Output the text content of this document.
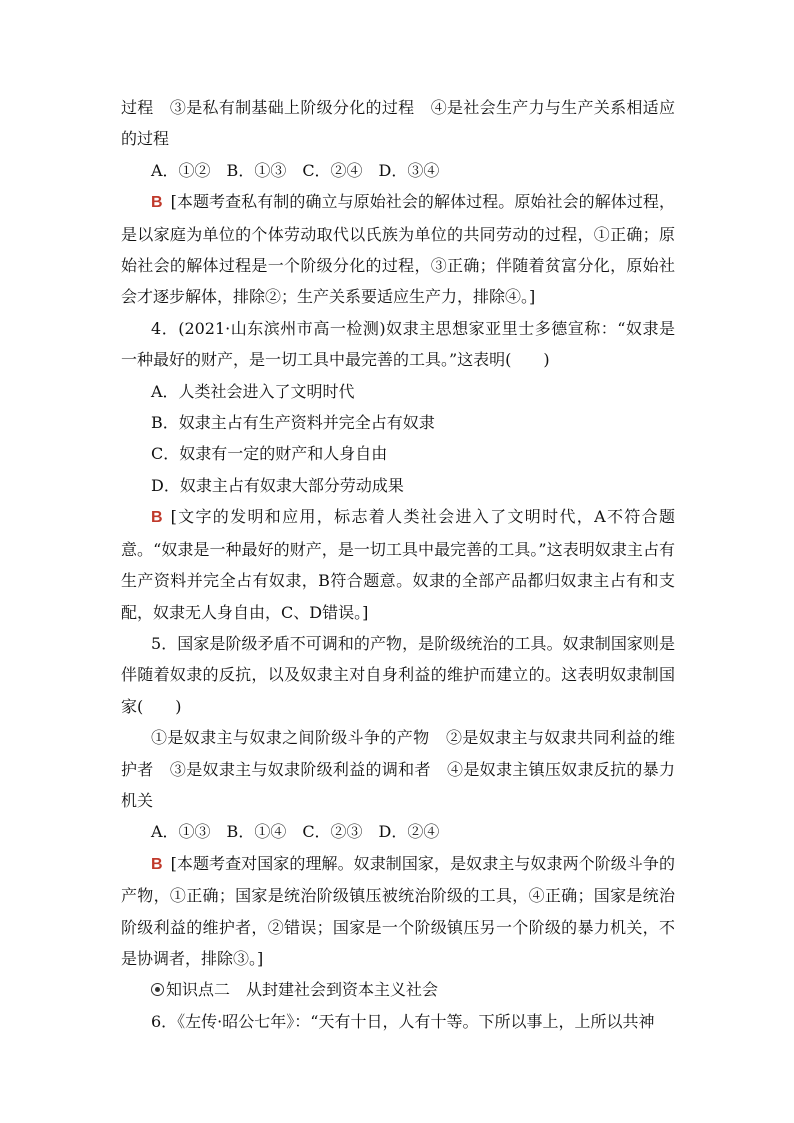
过程　③是私有制基础上阶级分化的过程　④是社会生产力与生产关系相适应的过程

A．①②　B．①③　C．②④　D．③④

B [本题考查私有制的确立与原始社会的解体过程。原始社会的解体过程，是以家庭为单位的个体劳动取代以氏族为单位的共同劳动的过程，①正确；原始社会的解体过程是一个阶级分化的过程，③正确；伴随着贫富分化，原始社会才逐步解体，排除②；生产关系要适应生产力，排除④。]

4．(2021·山东滨州市高一检测)奴隶主思想家亚里士多德宣称：“奴隶是一种最好的财产，是一切工具中最完善的工具。”这表明(　　)

A．人类社会进入了文明时代

B．奴隶主占有生产资料并完全占有奴隶

C．奴隶有一定的财产和人身自由

D．奴隶主占有奴隶大部分劳动成果

B [文字的发明和应用，标志着人类社会进入了文明时代，A不符合题意。“奴隶是一种最好的财产，是一切工具中最完善的工具。”这表明奴隶主占有生产资料并完全占有奴隶，B符合题意。奴隶的全部产品都归奴隶主占有和支配，奴隶无人身自由，C、D错误。]

5．国家是阶级矛盾不可调和的产物，是阶级统治的工具。奴隶制国家则是伴随着奴隶的反抗，以及奴隶主对自身利益的维护而建立的。这表明奴隶制国家(　　)

①是奴隶主与奴隶之间阶级斗争的产物　②是奴隶主与奴隶共同利益的维护者　③是奴隶主与奴隶阶级利益的调和者　④是奴隶主镇压奴隶反抗的暴力机关

A．①③　B．①④　C．②③　D．②④

B [本题考查对国家的理解。奴隶制国家，是奴隶主与奴隶两个阶级斗争的产物，①正确；国家是统治阶级镇压被统治阶级的工具，④正确；国家是统治阶级利益的维护者，②错误；国家是一个阶级镇压另一个阶级的暴力机关，不是协调者，排除③。]

知识点二　从封建社会到资本主义社会

6．《左传·昭公七年》：“天有十日，人有十等。下所以事上，上所以共神
